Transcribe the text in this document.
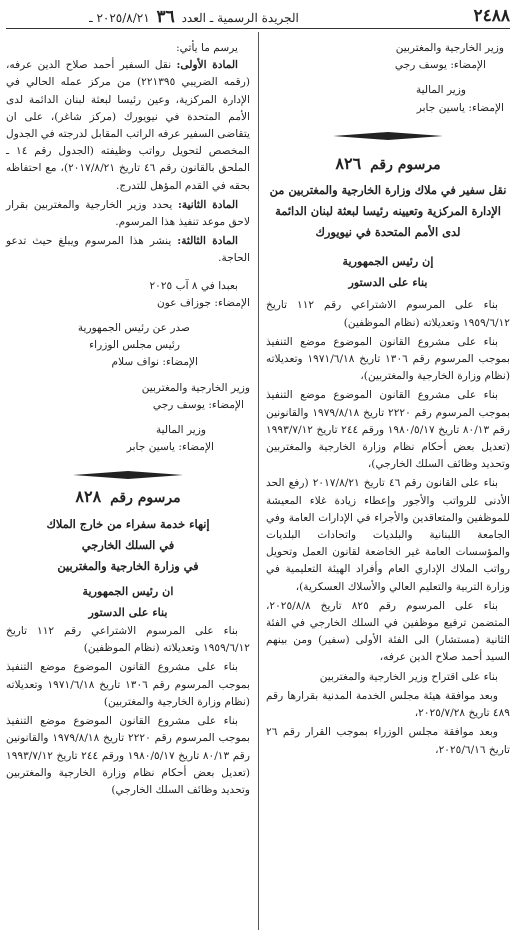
٢٤٨٨
الجريدة الرسمية ـ العدد ٣٦ ٢٠٢٥/٨/٢١ ـ
وزير الخارجية والمغتربين
الإمضاء: يوسف رجي
وزير المالية
الإمضاء: ياسين جابر
مرسوم رقم ٨٢٦
نقل سفير في ملاك وزارة الخارجية والمغتربين من الإدارة المركزية وتعيينه رئيسا لبعثة لبنان الدائمة لدى الأمم المتحدة في نيويورك
إن رئيس الجمهورية
بناء على الدستور
بناء على المرسوم الاشتراعي رقم ١١٢ تاريخ ١٩٥٩/٦/١٢ وتعديلاته (نظام الموظفين)
بناء على مشروع القانون الموضوع موضع التنفيذ بموجب المرسوم رقم ١٣٠٦ تاريخ ١٩٧١/٦/١٨ وتعديلاته (نظام وزارة الخارجية والمغتربين)،
بناء على مشروع القانون الموضوع موضع التنفيذ بموجب المرسوم رقم ٢٢٢٠ تاريخ ١٩٧٩/٨/١٨ والقانونين رقم ٨٠/١٣ تاريخ ١٩٨٠/٥/١٧ ورقم ٢٤٤ تاريخ ١٩٩٣/٧/١٢ (تعديل بعض أحكام نظام وزارة الخارجية والمغتربين وتحديد وظائف السلك الخارجي)،
بناء على القانون رقم ٤٦ تاريخ ٢٠١٧/٨/٢١ (رفع الحد الأدنى للرواتب والأجور وإعطاء زيادة غلاء المعيشة للموظفين والمتعاقدين والأجراء في الإدارات العامة وفي الجامعة اللبنانية والبلديات واتحادات البلديات والمؤسسات العامة غير الخاضعة لقانون العمل وتحويل رواتب الملاك الإداري العام وأفراد الهيئة التعليمية في وزارة التربية والتعليم العالي والأسلاك العسكرية)،
بناء على المرسوم رقم ٨٢٥ تاريخ ٢٠٢٥/٨/٨، المتضمن ترفيع موظفين في السلك الخارجي في الفئة الثانية (مستشار) الى الفئة الأولى (سفير) ومن بينهم السيد أحمد صلاح الدين عرفه،
بناء على اقتراح وزير الخارجية والمغتربين
وبعد موافقة هيئة مجلس الخدمة المدنية بقرارها رقم ٤٨٩ تاريخ ٢٠٢٥/٧/٢٨،
وبعد موافقة مجلس الوزراء بموجب القرار رقم ٢٦ تاريخ ٢٠٢٥/٦/١٦،
يرسم ما يأتي:
المادة الأولى: نقل السفير أحمد صلاح الدين عرفه، (رقمه الضريبي ٢٢١٣٩٥) من مركز عمله الحالي في الإدارة المركزية، وعين رئيسا لبعثة لبنان الدائمة لدى الأمم المتحدة في نيويورك (مركز شاغر)، على ان يتقاضى السفير عرفه الراتب المقابل لدرجته في الجدول المخصص لتحويل رواتب وظيفته (الجدول رقم ١٤ ـ الملحق بالقانون رقم ٤٦ تاريخ ٢٠١٧/٨/٢١)، مع احتفاظه بحقه في القدم المؤهل للتدرج.
المادة الثانية: يحدد وزير الخارجية والمغتربين بقرار لاحق موعد تنفيذ هذا المرسوم.
المادة الثالثة: ينشر هذا المرسوم ويبلغ حيث تدعو الحاجة.
بعبدا في ٨ آب ٢٠٢٥
الإمضاء: جوزاف عون
صدر عن رئيس الجمهورية
رئيس مجلس الوزراء
الإمضاء: نواف سلام
وزير الخارجية والمغتربين
الإمضاء: يوسف رجي
وزير المالية
الإمضاء: ياسين جابر
مرسوم رقم ٨٢٨
إنهاء خدمة سفراء من خارج الملاك
في السلك الخارجي
في وزارة الخارجية والمغتربين
ان رئيس الجمهورية
بناء على الدستور
بناء على المرسوم الاشتراعي رقم ١١٢ تاريخ ١٩٥٩/٦/١٢ وتعديلاته (نظام الموظفين)
بناء على مشروع القانون الموضوع موضع التنفيذ بموجب المرسوم رقم ١٣٠٦ تاريخ ١٩٧١/٦/١٨ وتعديلاته (نظام وزارة الخارجية والمغتربين)
بناء على مشروع القانون الموضوع موضع التنفيذ بموجب المرسوم رقم ٢٢٢٠ تاريخ ١٩٧٩/٨/١٨ والقانونين رقم ٨٠/١٣ تاريخ ١٩٨٠/٥/١٧ ورقم ٢٤٤ تاريخ ١٩٩٣/٧/١٢ (تعديل بعض أحكام نظام وزارة الخارجية والمغتربين وتحديد وظائف السلك الخارجي)
